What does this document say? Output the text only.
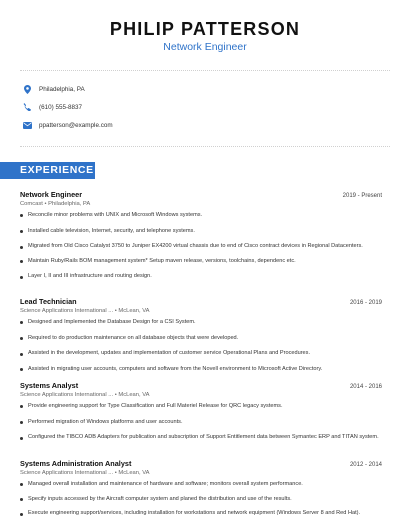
PHILIP PATTERSON
Network Engineer
Philadelphia, PA
(610) 555-8837
ppatterson@example.com
EXPERIENCE
Network Engineer	2019 - Present
Comcast • Philadelphia, PA
Reconcile minor problems with UNIX and Microsoft Windows systems.
Installed cable television, Internet, security, and telephone systems.
Migrated from Old Cisco Catalyst 3750 to Juniper EX4200 virtual chassis due to end of Cisco contract devices in Regional Datacenters.
Maintain Ruby/Rails BOM management system* Setup maven release, versions, toolchains, dependenc etc.
Layer I, II and III infrastructure and routing design.
Lead Technician	2016 - 2019
Science Applications International ... • McLean, VA
Designed and Implemented the Database Design for a CSI System.
Required to do production maintenance on all database objects that were developed.
Assisted in the development, updates and implementation of customer service Operational Plans and Procedures.
Assisted in migrating user accounts, computers and software from the Novell environment to Microsoft Active Directory.
Systems Analyst	2014 - 2016
Science Applications International ... • McLean, VA
Provide engineering support for Type Classification and Full Materiel Release for QRC legacy systems.
Performed migration of Windows platforms and user accounts.
Configured the TIBCO ADB Adapters for publication and subscription of Support Entitlement data between Symantec ERP and TITAN system.
Systems Administration Analyst	2012 - 2014
Science Applications International ... • McLean, VA
Managed overall installation and maintenance of hardware and software; monitors overall system performance.
Specify inputs accessed by the Aircraft computer system and planed the distribution and use of the results.
Execute engineering support/services, including installation for workstations and network equipment (Windows Server 8 and Red Hat).
